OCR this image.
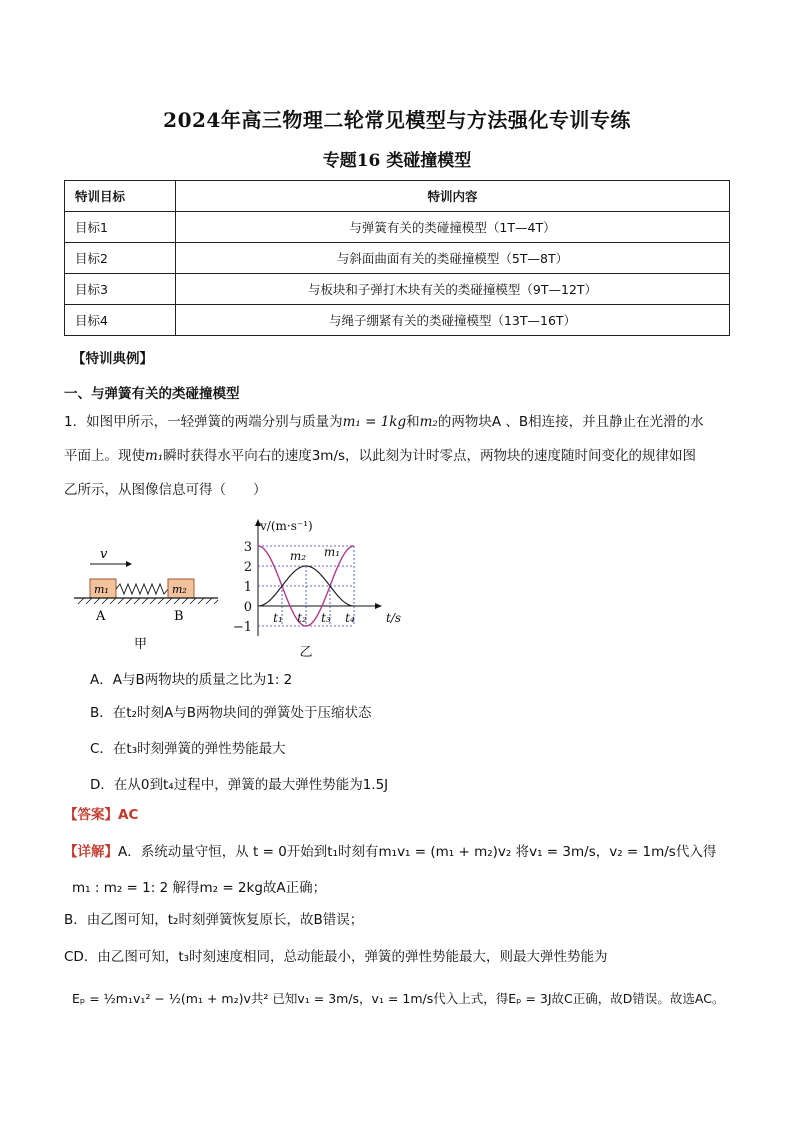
2024年高三物理二轮常见模型与方法强化专训专练
专题16 类碰撞模型
特训目标	特训内容
目标1	与弹簧有关的类碰撞模型（1T—4T）
目标2	与斜面曲面有关的类碰撞模型（5T—8T）
目标3	与板块和子弹打木块有关的类碰撞模型（9T—12T）
目标4	与绳子绷紧有关的类碰撞模型（13T—16T）
【特训典例】
一、与弹簧有关的类碰撞模型
1．如图甲所示，一轻弹簧的两端分别与质量为m₁ = 1kg和m₂的两物块A 、B相连接，并且静止在光滑的水
平面上。现使m₁瞬时获得水平向右的速度3m/s，以此刻为计时零点，两物块的速度随时间变化的规律如图
乙所示，从图像信息可得（　　）
v
m₁	m₂
A	B
甲
v/(m·s⁻¹)
3
2
1
0
−1
t₁ t₂ t₃ t₄	t/s
m₂ m₁
乙
A．A与B两物块的质量之比为1: 2
B．在t₂时刻A与B两物块间的弹簧处于压缩状态
C．在t₃时刻弹簧的弹性势能最大
D．在从0到t₄过程中，弹簧的最大弹性势能为1.5J
【答案】AC
【详解】A．系统动量守恒，从 t = 0开始到t₁时刻有m₁v₁ = (m₁ + m₂)v₂ 将v₁ = 3m/s，v₂ = 1m/s代入得
m₁ : m₂ = 1: 2 解得m₂ = 2kg故A正确；
B．由乙图可知，t₂时刻弹簧恢复原长，故B错误；
CD．由乙图可知，t₃时刻速度相同，总动能最小，弹簧的弹性势能最大，则最大弹性势能为
Eₚ = ½m₁v₁² − ½(m₁ + m₂)v共² 已知v₁ = 3m/s，v₁ = 1m/s代入上式，得Eₚ = 3J故C正确，故D错误。故选AC。
